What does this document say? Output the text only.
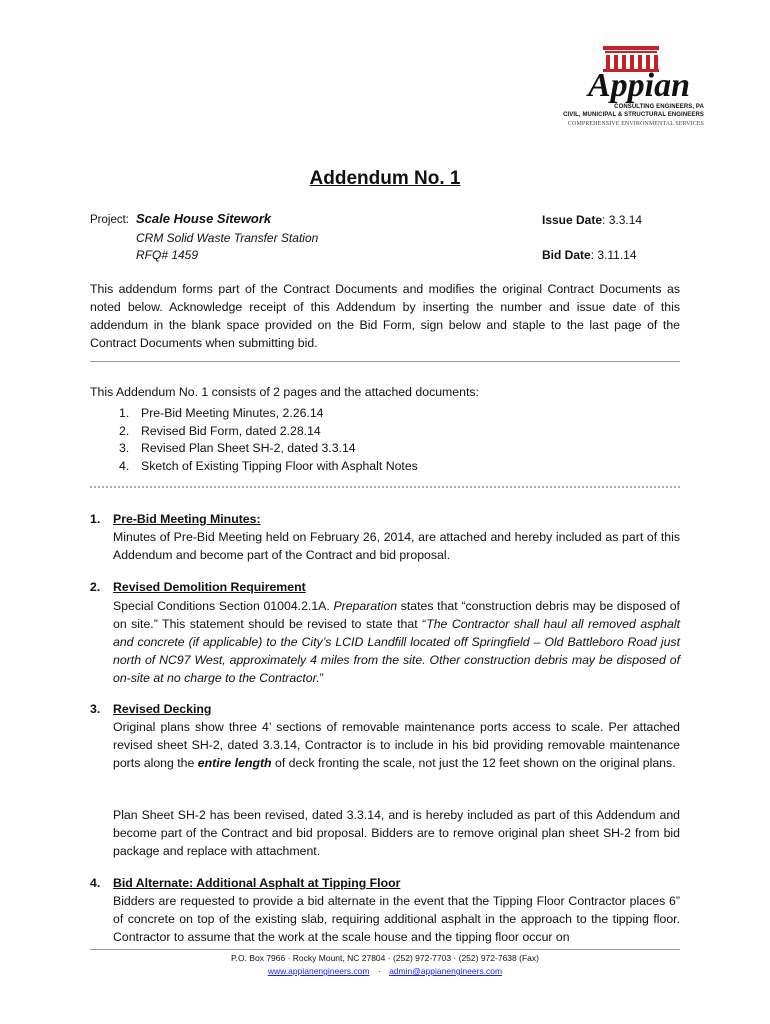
Appian
CONSULTING ENGINEERS, PA
CIVIL, MUNICIPAL & STRUCTURAL ENGINEERS
COMPREHENSIVE ENVIRONMENTAL SERVICES
Addendum No. 1
Project: Scale House Sitework
CRM Solid Waste Transfer Station
RFQ# 1459
Issue Date: 3.3.14
Bid Date: 3.11.14
This addendum forms part of the Contract Documents and modifies the original Contract Documents as noted below. Acknowledge receipt of this Addendum by inserting the number and issue date of this addendum in the blank space provided on the Bid Form, sign below and staple to the last page of the Contract Documents when submitting bid.
This Addendum No. 1 consists of 2 pages and the attached documents:
1. Pre-Bid Meeting Minutes, 2.26.14
2. Revised Bid Form, dated 2.28.14
3. Revised Plan Sheet SH-2, dated 3.3.14
4. Sketch of Existing Tipping Floor with Asphalt Notes
1. Pre-Bid Meeting Minutes:
Minutes of Pre-Bid Meeting held on February 26, 2014, are attached and hereby included as part of this Addendum and become part of the Contract and bid proposal.
2. Revised Demolition Requirement
Special Conditions Section 01004.2.1A. Preparation states that “construction debris may be disposed of on site.” This statement should be revised to state that “The Contractor shall haul all removed asphalt and concrete (if applicable) to the City’s LCID Landfill located off Springfield – Old Battleboro Road just north of NC97 West, approximately 4 miles from the site. Other construction debris may be disposed of on-site at no charge to the Contractor.”
3. Revised Decking
Original plans show three 4’ sections of removable maintenance ports access to scale. Per attached revised sheet SH-2, dated 3.3.14, Contractor is to include in his bid providing removable maintenance ports along the entire length of deck fronting the scale, not just the 12 feet shown on the original plans.
Plan Sheet SH-2 has been revised, dated 3.3.14, and is hereby included as part of this Addendum and become part of the Contract and bid proposal. Bidders are to remove original plan sheet SH-2 from bid package and replace with attachment.
4. Bid Alternate: Additional Asphalt at Tipping Floor
Bidders are requested to provide a bid alternate in the event that the Tipping Floor Contractor places 6” of concrete on top of the existing slab, requiring additional asphalt in the approach to the tipping floor. Contractor to assume that the work at the scale house and the tipping floor occur on
P.O. Box 7966 · Rocky Mount, NC 27804 · (252) 972-7703 · (252) 972-7638 (Fax)
www.appianengineers.com · admin@appianengineers.com
